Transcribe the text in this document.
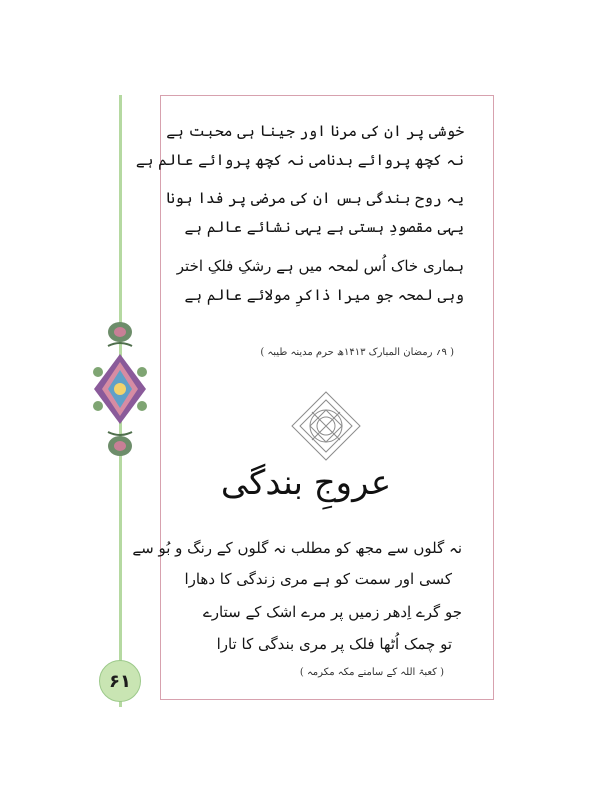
۶۱
خوشی پر ان کی مرنا اور جینا ہی محبت ہے
نہ کچھ پروائے بدنامی نہ کچھ پروائے عالم ہے
یہ روح بندگی بس ان کی مرضی پر فدا ہونا
یہی مقصودِ ہستی ہے یہی نشائے عالم ہے
ہماری خاک اُس لمحہ میں ہے رشکِ فلکِ اختر
وہی لمحہ جو میرا ذاکرِ مولائے عالم ہے
( ۹؍ رمضان المبارک ۱۴۱۳ھ حرم مدینہ طیبہ )
عروجِ بندگی
نہ گلوں سے مجھ کو مطلب نہ گلوں کے رنگ و بُو سے
کسی اور سمت کو ہے مری زندگی کا دھارا
جو گرے اِدھر زمیں پر مرے اشک کے ستارے
تو چمک اُٹھا فلک پر مری بندگی کا تارا
( کعبۃ اللہ کے سامنے مکہ مکرمہ )
